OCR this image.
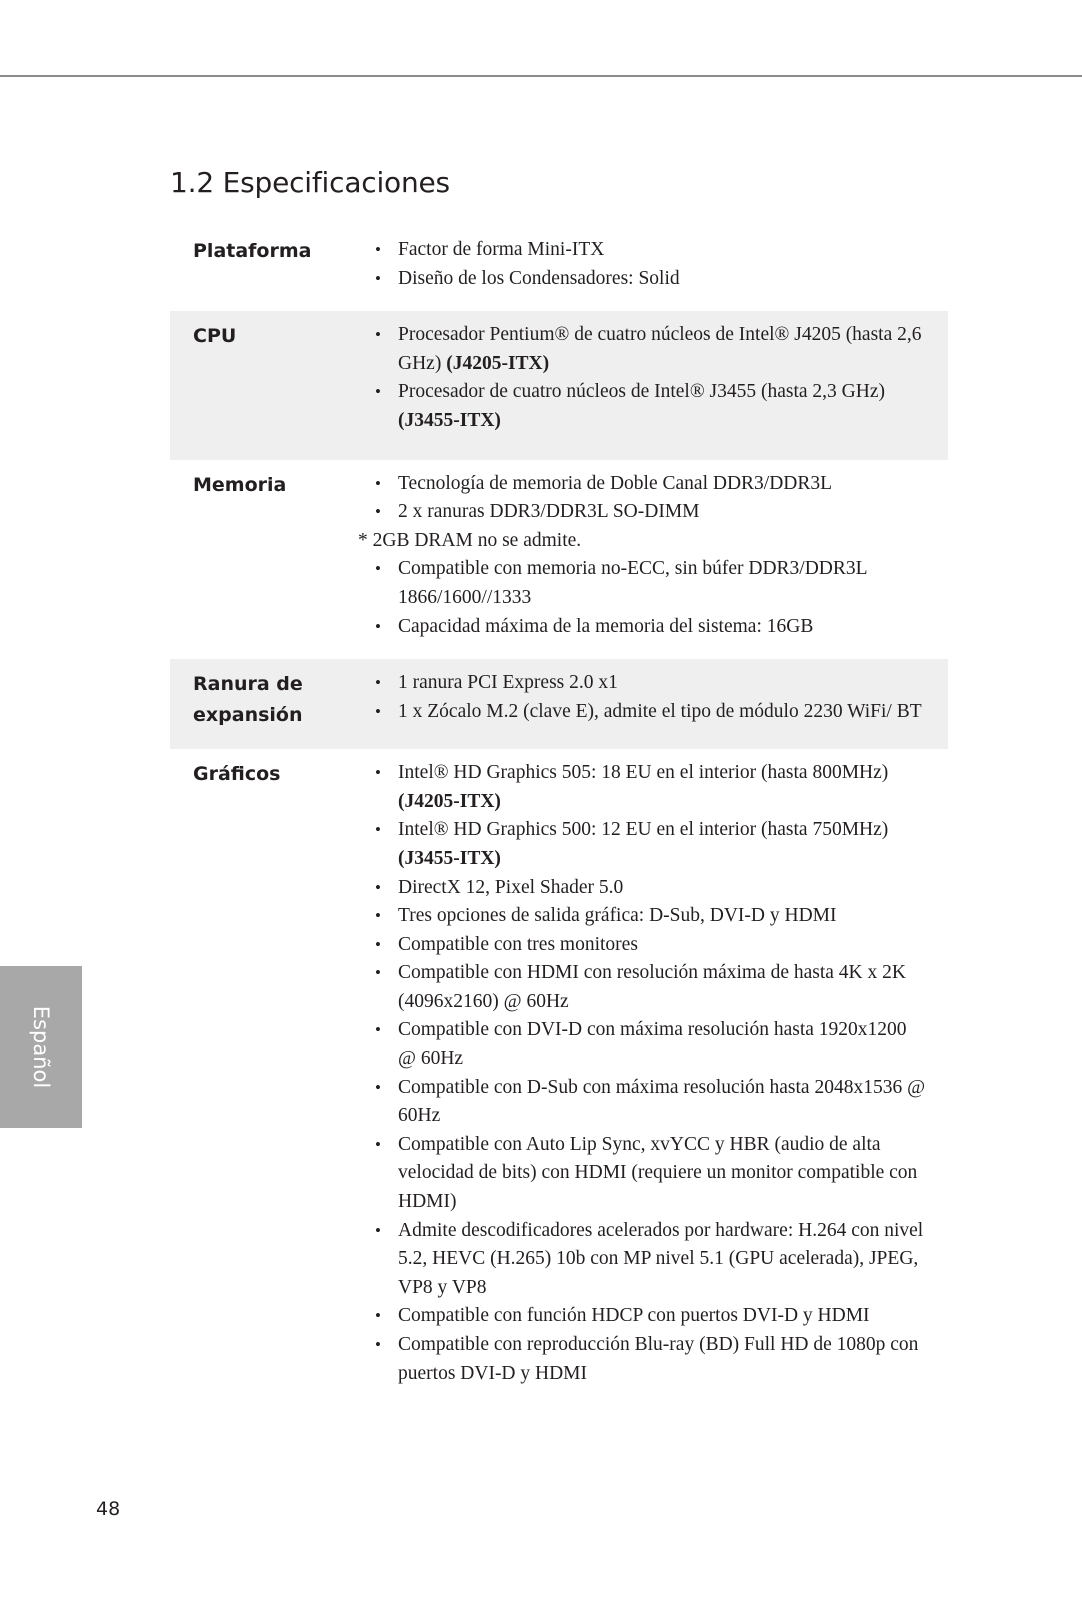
1.2 Especificaciones
Plataforma	• Factor de forma Mini-ITX
• Diseño de los Condensadores: Solid
CPU	• Procesador Pentium® de cuatro núcleos de Intel® J4205 (hasta 2,6 GHz) (J4205-ITX)
• Procesador de cuatro núcleos de Intel® J3455 (hasta 2,3 GHz) (J3455-ITX)
Memoria	• Tecnología de memoria de Doble Canal DDR3/DDR3L
• 2 x ranuras DDR3/DDR3L SO-DIMM
* 2GB DRAM no se admite.
• Compatible con memoria no-ECC, sin búfer DDR3/DDR3L 1866/1600//1333
• Capacidad máxima de la memoria del sistema: 16GB
Ranura de expansión
• 1 ranura PCI Express 2.0 x1
• 1 x Zócalo M.2 (clave E), admite el tipo de módulo 2230 WiFi/ BT
Gráficos	• Intel® HD Graphics 505: 18 EU en el interior (hasta 800MHz) (J4205-ITX)
• Intel® HD Graphics 500: 12 EU en el interior (hasta 750MHz) (J3455-ITX)
• DirectX 12, Pixel Shader 5.0
• Tres opciones de salida gráfica: D-Sub, DVI-D y HDMI
• Compatible con tres monitores
• Compatible con HDMI con resolución máxima de hasta 4K x 2K (4096x2160) @ 60Hz
• Compatible con DVI-D con máxima resolución hasta 1920x1200 @ 60Hz
• Compatible con D-Sub con máxima resolución hasta 2048x1536 @ 60Hz
• Compatible con Auto Lip Sync, xvYCC y HBR (audio de alta velocidad de bits) con HDMI (requiere un monitor compatible con HDMI)
• Admite descodificadores acelerados por hardware: H.264 con nivel 5.2, HEVC (H.265) 10b con MP nivel 5.1 (GPU acelerada), JPEG, VP8 y VP8
• Compatible con función HDCP con puertos DVI-D y HDMI
• Compatible con reproducción Blu-ray (BD) Full HD de 1080p con puertos DVI-D y HDMI
Español
48
